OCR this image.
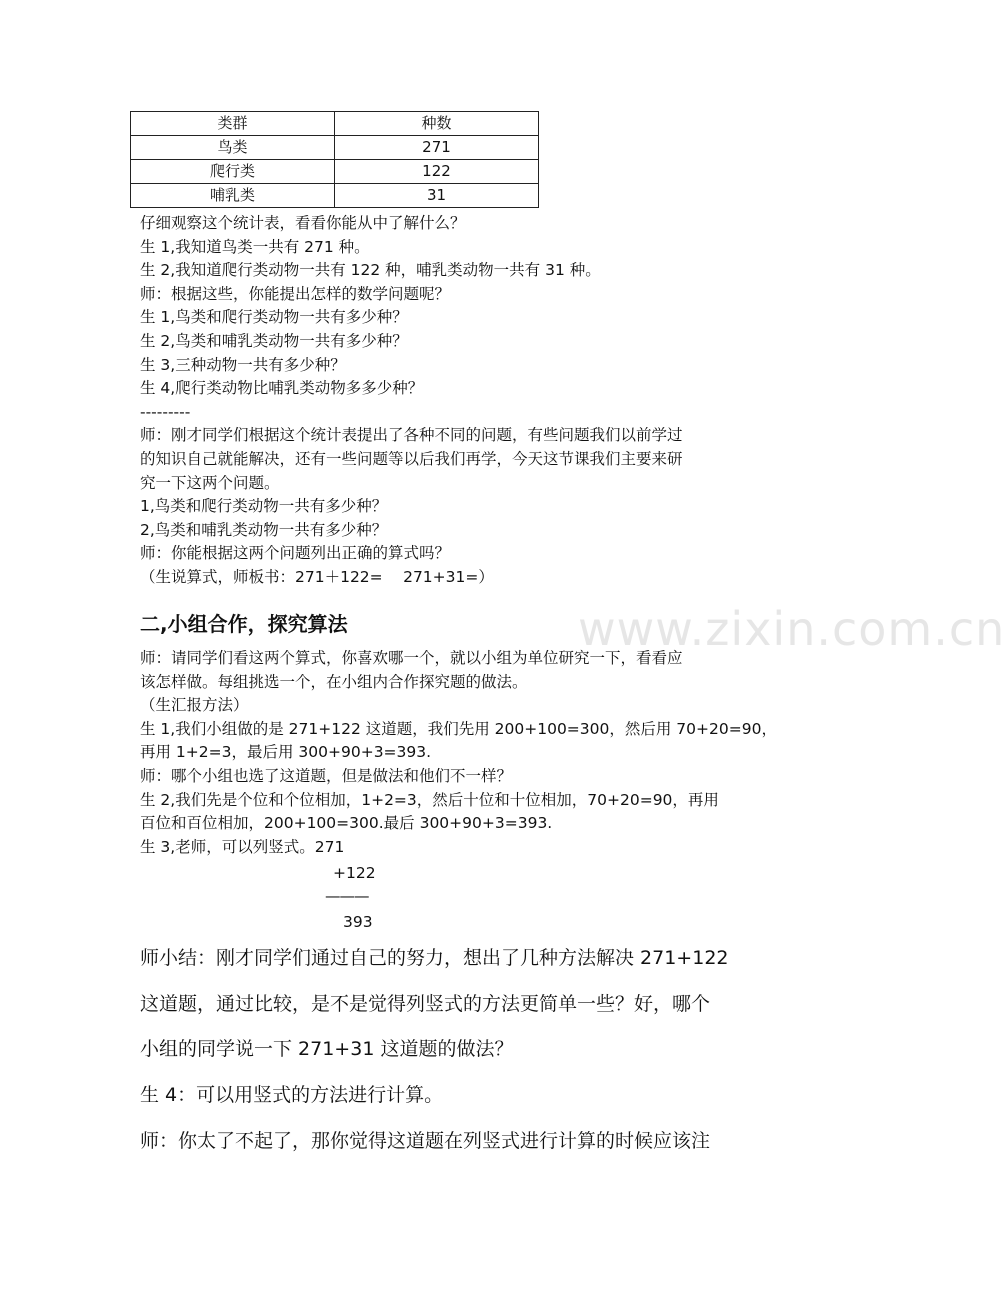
类群	种数
鸟类	271
爬行类	122
哺乳类	31

仔细观察这个统计表，看看你能从中了解什么？

生 1,我知道鸟类一共有 271 种。

生 2,我知道爬行类动物一共有 122 种，哺乳类动物一共有 31 种。

师：根据这些，你能提出怎样的数学问题呢？

生 1,鸟类和爬行类动物一共有多少种？

生 2,鸟类和哺乳类动物一共有多少种？

生 3,三种动物一共有多少种？

生 4,爬行类动物比哺乳类动物多多少种？

---------

师：刚才同学们根据这个统计表提出了各种不同的问题，有些问题我们以前学过

的知识自己就能解决，还有一些问题等以后我们再学，今天这节课我们主要来研

究一下这两个问题。

1,鸟类和爬行类动物一共有多少种？

2,鸟类和哺乳类动物一共有多少种？

师：你能根据这两个问题列出正确的算式吗？

（生说算式，师板书：271＋122=　 271+31=）

www.zixin.com.cn
二,小组合作，探究算法

师：请同学们看这两个算式，你喜欢哪一个，就以小组为单位研究一下，看看应

该怎样做。每组挑选一个，在小组内合作探究题的做法。

（生汇报方法）

生 1,我们小组做的是 271+122 这道题，我们先用 200+100=300，然后用 70+20=90，

再用 1+2=3，最后用 300+90+3=393.

师：哪个小组也选了这道题，但是做法和他们不一样？

生 2,我们先是个位和个位相加，1+2=3，然后十位和十位相加，70+20=90，再用

百位和百位相加，200+100=300.最后 300+90+3=393.

生 3,老师，可以列竖式。271

+122
———
393

师小结：刚才同学们通过自己的努力，想出了几种方法解决 271+122

这道题，通过比较，是不是觉得列竖式的方法更简单一些？好，哪个

小组的同学说一下 271+31 这道题的做法？

生 4：可以用竖式的方法进行计算。

师：你太了不起了，那你觉得这道题在列竖式进行计算的时候应该注
